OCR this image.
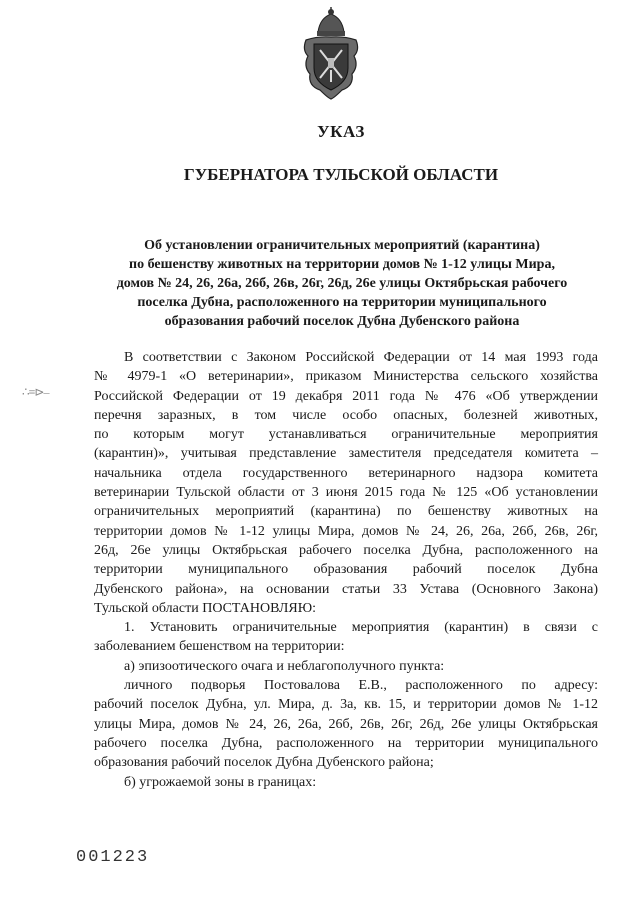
УКАЗ
ГУБЕРНАТОРА ТУЛЬСКОЙ ОБЛАСТИ
Об установлении ограничительных мероприятий (карантина)
по бешенству животных на территории домов № 1-12 улицы Мира,
домов № 24, 26, 26а, 26б, 26в, 26г, 26д, 26е улицы Октябрьская рабочего
поселка Дубна, расположенного на территории муниципального
образования рабочий поселок Дубна Дубенского района
∴≡⊳–
В соответствии с Законом Российской Федерации от 14 мая 1993 года
№ 4979-1 «О ветеринарии», приказом Министерства сельского хозяйства
Российской Федерации от 19 декабря 2011 года № 476 «Об утверждении
перечня заразных, в том числе особо опасных, болезней животных,
по которым могут устанавливаться ограничительные мероприятия
(карантин)», учитывая представление заместителя председателя комитета –
начальника отдела государственного ветеринарного надзора комитета
ветеринарии Тульской области от 3 июня 2015 года № 125 «Об установлении
ограничительных мероприятий (карантина) по бешенству животных на
территории домов № 1-12 улицы Мира, домов № 24, 26, 26а, 26б, 26в, 26г,
26д, 26е улицы Октябрьская рабочего поселка Дубна, расположенного на
территории муниципального образования рабочий поселок Дубна
Дубенского района», на основании статьи 33 Устава (Основного Закона)
Тульской области ПОСТАНОВЛЯЮ:
1. Установить ограничительные мероприятия (карантин) в связи с
заболеванием бешенством на территории:
а) эпизоотического очага и неблагополучного пункта:
личного подворья Постовалова Е.В., расположенного по адресу:
рабочий поселок Дубна, ул. Мира, д. 3а, кв. 15, и территории домов № 1-12
улицы Мира, домов № 24, 26, 26а, 26б, 26в, 26г, 26д, 26е улицы Октябрьская
рабочего поселка Дубна, расположенного на территории муниципального
образования рабочий поселок Дубна Дубенского района;
б) угрожаемой зоны в границах:
001223
